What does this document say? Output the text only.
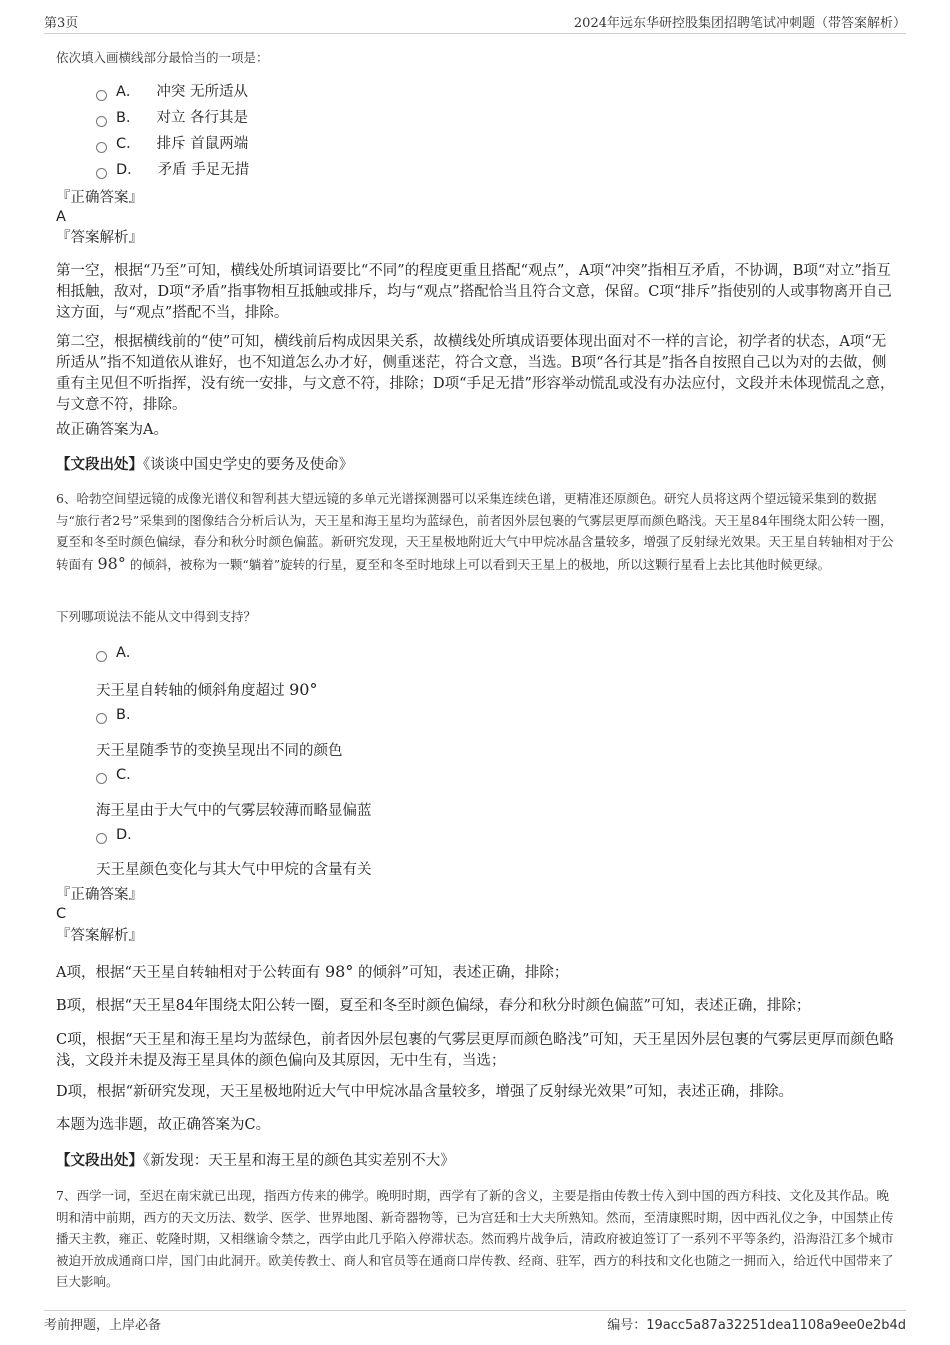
第3页	2024年远东华研控股集团招聘笔试冲刺题（带答案解析）

依次填入画横线部分最恰当的一项是：

A． 冲突 无所适从
B． 对立 各行其是
C． 排斥 首鼠两端
D． 矛盾 手足无措

『正确答案』

A

『答案解析』

第一空，根据“乃至”可知，横线处所填词语要比“不同”的程度更重且搭配“观点”，A项“冲突”指相互矛盾，不协调，B项“对立”指互相抵触，敌对，D项“矛盾”指事物相互抵触或排斥，均与“观点”搭配恰当且符合文意，保留。C项“排斥”指使别的人或事物离开自己这方面，与“观点”搭配不当，排除。

第二空，根据横线前的“使”可知，横线前后构成因果关系，故横线处所填成语要体现出面对不一样的言论，初学者的状态，A项“无所适从”指不知道依从谁好，也不知道怎么办才好，侧重迷茫，符合文意，当选。B项“各行其是”指各自按照自己以为对的去做，侧重有主见但不听指挥，没有统一安排，与文意不符，排除；D项“手足无措”形容举动慌乱或没有办法应付，文段并未体现慌乱之意，与文意不符，排除。

故正确答案为A。

【文段出处】《谈谈中国史学史的要务及使命》

6、哈勃空间望远镜的成像光谱仪和智利甚大望远镜的多单元光谱探测器可以采集连续色谱，更精准还原颜色。研究人员将这两个望远镜采集到的数据与“旅行者2号”采集到的图像结合分析后认为，天王星和海王星均为蓝绿色，前者因外层包裹的气雾层更厚而颜色略浅。天王星84年围绕太阳公转一圈，夏至和冬至时颜色偏绿，春分和秋分时颜色偏蓝。新研究发现，天王星极地附近大气中甲烷冰晶含量较多，增强了反射绿光效果。天王星自转轴相对于公转面有 98° 的倾斜，被称为一颗“躺着”旋转的行星，夏至和冬至时地球上可以看到天王星上的极地，所以这颗行星看上去比其他时候更绿。

下列哪项说法不能从文中得到支持？

A．
天王星自转轴的倾斜角度超过 90°
B.
天王星随季节的变换呈现出不同的颜色
C.
海王星由于大气中的气雾层较薄而略显偏蓝
D.
天王星颜色变化与其大气中甲烷的含量有关

『正确答案』

C

『答案解析』

A项，根据“天王星自转轴相对于公转面有 98° 的倾斜”可知，表述正确，排除；

B项，根据“天王星84年围绕太阳公转一圈，夏至和冬至时颜色偏绿，春分和秋分时颜色偏蓝”可知，表述正确，排除；

C项，根据“天王星和海王星均为蓝绿色，前者因外层包裹的气雾层更厚而颜色略浅”可知，天王星因外层包裹的气雾层更厚而颜色略浅，文段并未提及海王星具体的颜色偏向及其原因，无中生有，当选；

D项，根据“新研究发现，天王星极地附近大气中甲烷冰晶含量较多，增强了反射绿光效果”可知，表述正确，排除。

本题为选非题，故正确答案为C。

【文段出处】《新发现：天王星和海王星的颜色其实差别不大》

7、西学一词，至迟在南宋就已出现，指西方传来的佛学。晚明时期，西学有了新的含义，主要是指由传教士传入到中国的西方科技、文化及其作品。晚明和清中前期，西方的天文历法、数学、医学、世界地图、新奇器物等，已为宫廷和士大夫所熟知。然而，至清康熙时期，因中西礼仪之争，中国禁止传播天主教，雍正、乾隆时期，又相继谕令禁之，西学由此几乎陷入停滞状态。然而鸦片战争后，清政府被迫签订了一系列不平等条约，沿海沿江多个城市被迫开放成通商口岸，国门由此洞开。欧美传教士、商人和官员等在通商口岸传教、经商、驻军，西方的科技和文化也随之一拥而入，给近代中国带来了巨大影响。

考前押题，上岸必备	编号：19acc5a87a32251dea1108a9ee0e2b4d
